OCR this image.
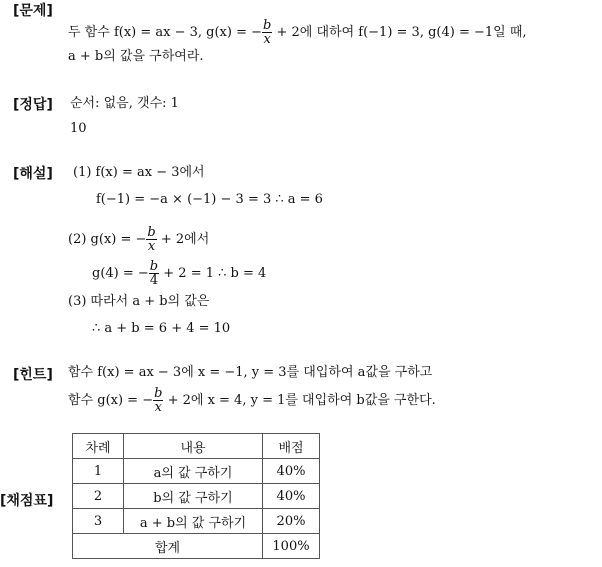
[문제]
두 함수 f(x) = ax − 3, g(x) = − $\frac{b}{x} + 2$에 대하여 f(−1) = 3, g(4) = −1일 때,
a + b의 값을 구하여라.
[정답] 순서: 없음, 갯수: 1
10
[해설] (1) f(x) = ax − 3에서
f(−1) = −a × (−1) − 3 = 3 ∴ a = 6
(2) g(x) = − $\frac{b}{x} + 2$에서
g(4) = − $\frac{b}{4} + 2 = 1$ ∴ b = 4
(3) 따라서 a + b의 값은
∴ a + b = 6 + 4 = 10
[힌트] 함수 f(x) = ax − 3에 x = −1, y = 3를 대입하여 a값을 구하고
함수 g(x) = − $\frac{b}{x} + 2$에 x = 4, y = 1를 대입하여 b값을 구한다.
[채점표]
차례	내용	배점
1	a의 값 구하기	40%
2	b의 값 구하기	40%
3	a + b의 값 구하기	20%
합계		100%
